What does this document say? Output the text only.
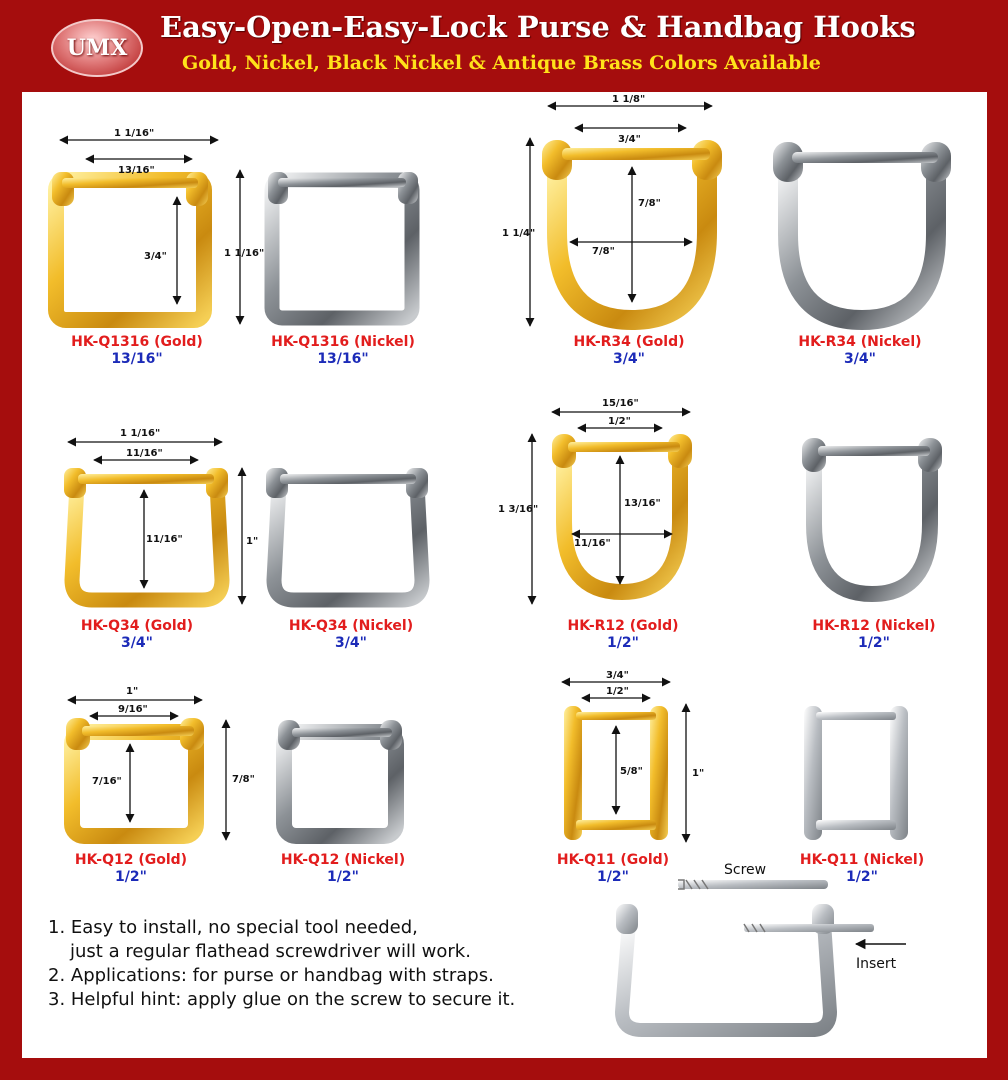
UMX
Easy-Open-Easy-Lock Purse & Handbag Hooks
Gold, Nickel, Black Nickel & Antique Brass Colors Available
1 1/16"
13/16"
3/4"	1 1/16"
1 1/8"
3/4"
7/8"
1 1/4"
7/8"
1 1/16"
11/16"
11/16"	1"
15/16"
1/2"
13/16"
1 3/16"
11/16"
1"
9/16"
7/16"	7/8"
3/4"
1/2"
5/8"	1"
HK-Q1316 (Gold)
13/16"
HK-Q1316 (Nickel)
13/16"
HK-R34 (Gold)
3/4"
HK-R34 (Nickel)
3/4"
HK-Q34 (Gold)
3/4"
HK-Q34 (Nickel)
3/4"
HK-R12 (Gold)
1/2"
HK-R12 (Nickel)
1/2"
HK-Q12 (Gold)
1/2"
HK-Q12 (Nickel)
1/2"
HK-Q11 (Gold)
1/2"
HK-Q11 (Nickel)
1/2"
Screw
Insert
1. Easy to install, no special tool needed,
just a regular flathead screwdriver will work.
2. Applications: for purse or handbag with straps.
3. Helpful hint: apply glue on the screw to secure it.
